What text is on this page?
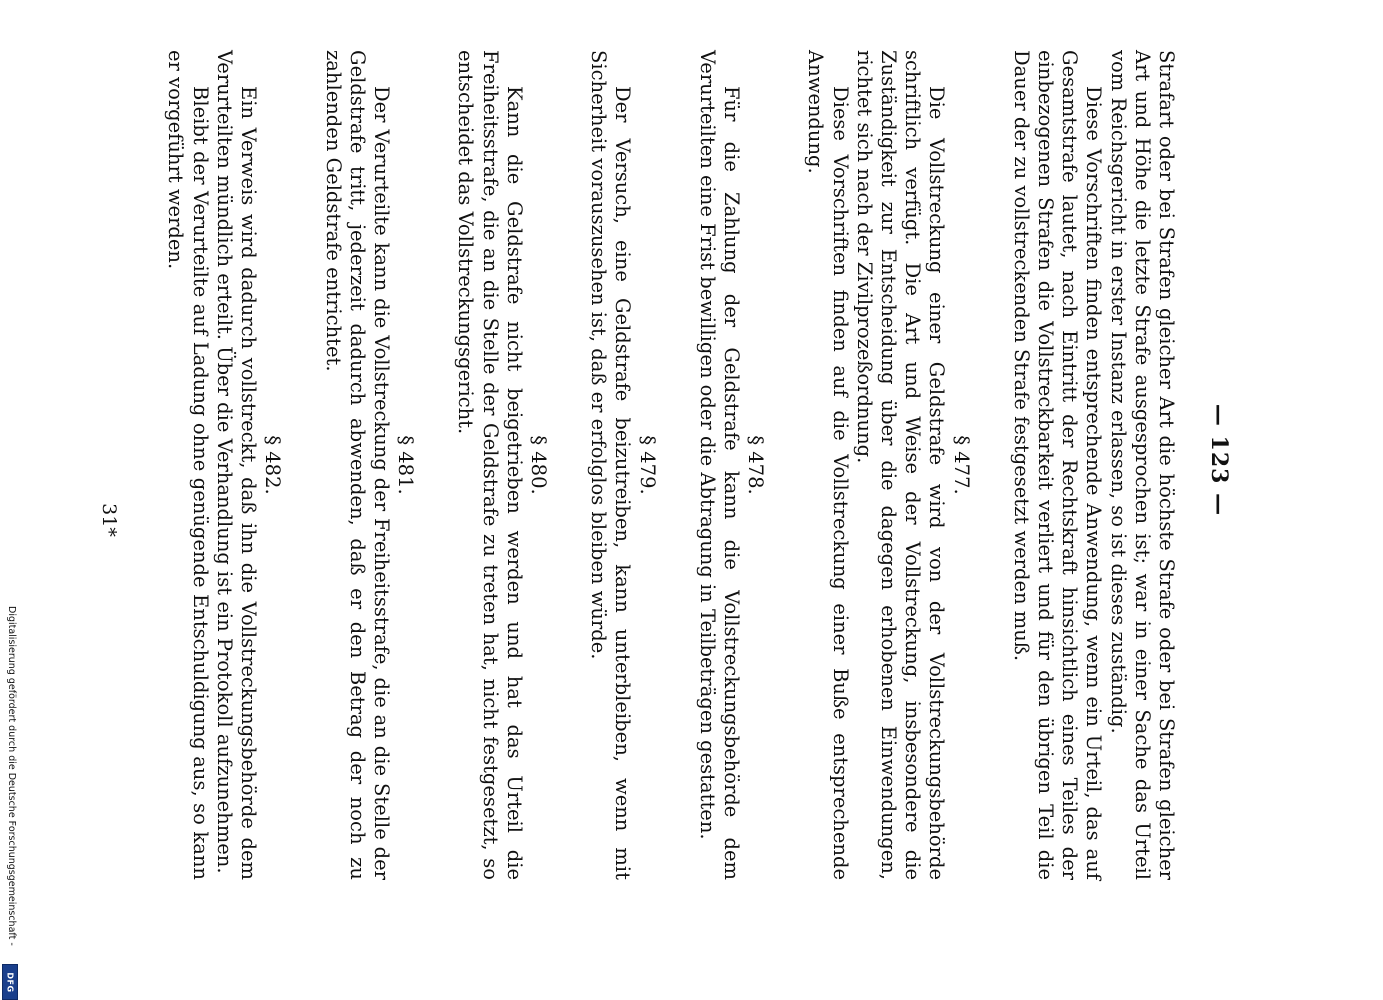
— 123 —

Strafart oder bei Strafen gleicher Art die höchste Strafe oder bei Strafen gleicher Art und Höhe die letzte Strafe ausgesprochen ist; war in einer Sache das Urteil vom Reichsgericht in erster Instanz erlassen, so ist dieses zuständig.

Diese Vorschriften finden entsprechende Anwendung, wenn ein Urteil, das auf Gesamtstrafe lautet, nach Eintritt der Rechtskraft hinsichtlich eines Teiles der einbezogenen Strafen die Vollstreckbarkeit verliert und für den übrigen Teil die Dauer der zu vollstreckenden Strafe festgesetzt werden muß.

§ 477.

Die Vollstreckung einer Geldstrafe wird von der Vollstreckungsbehörde schriftlich verfügt. Die Art und Weise der Vollstreckung, insbesondere die Zuständigkeit zur Entscheidung über die dagegen erhobenen Einwendungen, richtet sich nach der Zivilprozeßordnung.

Diese Vorschriften finden auf die Vollstreckung einer Buße entsprechende Anwendung.

§ 478.

Für die Zahlung der Geldstrafe kann die Vollstreckungsbehörde dem Verurteilten eine Frist bewilligen oder die Abtragung in Teilbeträgen gestatten.

§ 479.

Der Versuch, eine Geldstrafe beizutreiben, kann unterbleiben, wenn mit Sicherheit vorauszusehen ist, daß er erfolglos bleiben würde.

§ 480.

Kann die Geldstrafe nicht beigetrieben werden und hat das Urteil die Freiheitsstrafe, die an die Stelle der Geldstrafe zu treten hat, nicht festgesetzt, so entscheidet das Vollstreckungsgericht.

§ 481.

Der Verurteilte kann die Vollstreckung der Freiheitsstrafe, die an die Stelle der Geldstrafe tritt, jederzeit dadurch abwenden, daß er den Betrag der noch zu zahlenden Geldstrafe entrichtet.

§ 482.

Ein Verweis wird dadurch vollstreckt, daß ihn die Vollstreckungsbehörde dem Verurteilten mündlich erteilt. Über die Verhandlung ist ein Protokoll aufzunehmen.

Bleibt der Verurteilte auf Ladung ohne genügende Entschuldigung aus, so kann er vorgeführt werden.

31*
Digitalisierung gefördert durch die Deutsche Forschungsgemeinschaft -
DFG
